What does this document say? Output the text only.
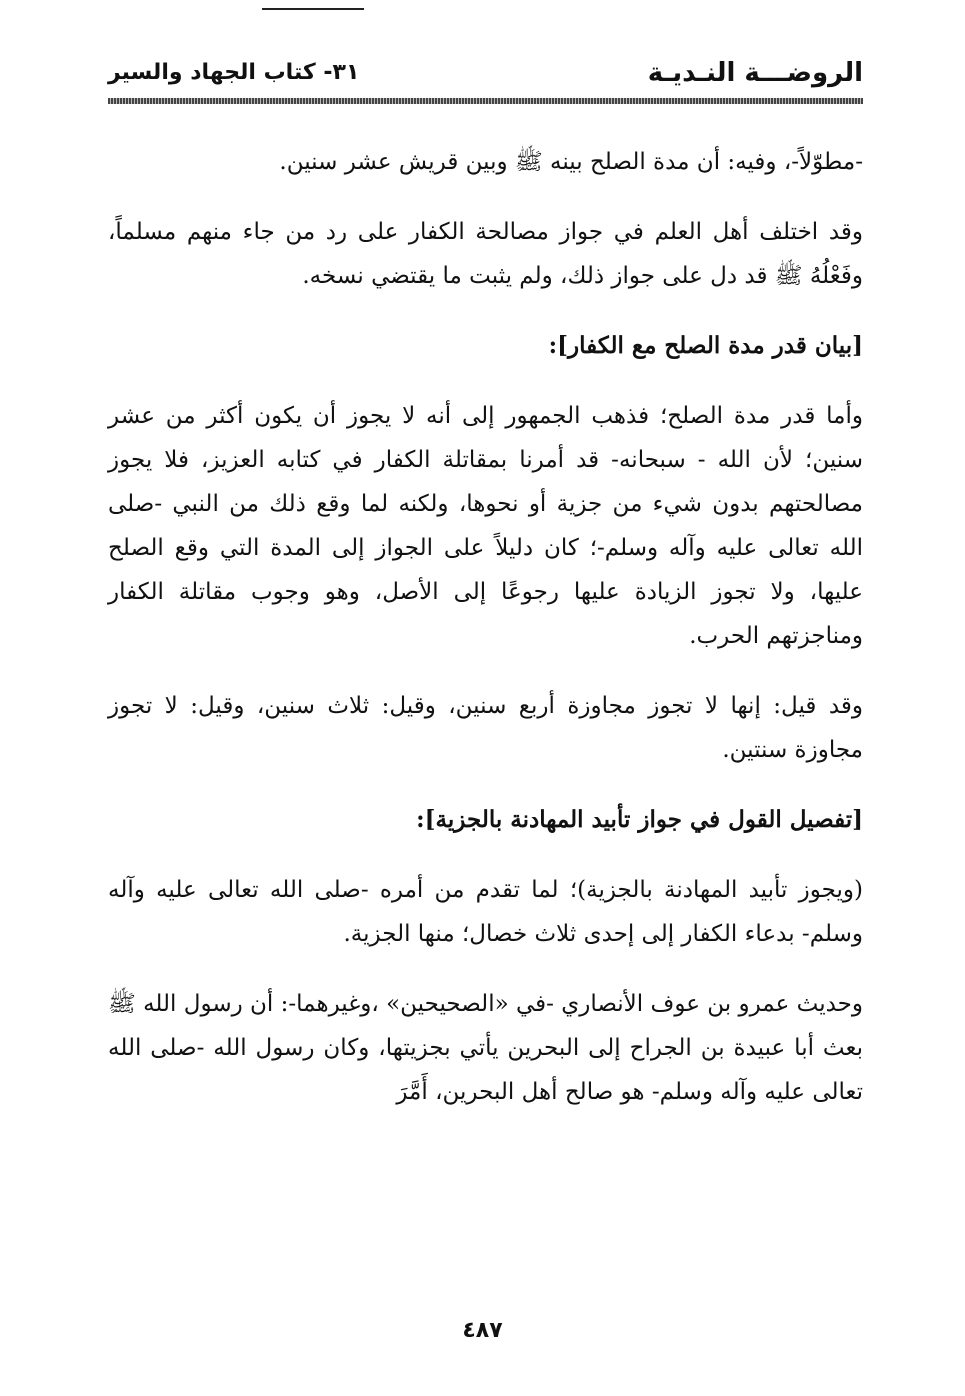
الروضـــة النـديـة
٣١- كتاب الجهاد والسير

-مطوّلاً-، وفيه: أن مدة الصلح بينه ﷺ وبين قريش عشر سنين.

وقد اختلف أهل العلم في جواز مصالحة الكفار على رد من جاء منهم مسلماً، وفَعْلُهُ ﷺ قد دل على جواز ذلك، ولم يثبت ما يقتضي نسخه.

[بيان قدر مدة الصلح مع الكفار]:

وأما قدر مدة الصلح؛ فذهب الجمهور إلى أنه لا يجوز أن يكون أكثر من عشر سنين؛ لأن الله - سبحانه- قد أمرنا بمقاتلة الكفار في كتابه العزيز، فلا يجوز مصالحتهم بدون شيء من جزية أو نحوها، ولكنه لما وقع ذلك من النبي -صلى الله تعالى عليه وآله وسلم-؛ كان دليلاً على الجواز إلى المدة التي وقع الصلح عليها، ولا تجوز الزيادة عليها رجوعًا إلى الأصل، وهو وجوب مقاتلة الكفار ومناجزتهم الحرب.

وقد قيل: إنها لا تجوز مجاوزة أربع سنين، وقيل: ثلاث سنين، وقيل: لا تجوز مجاوزة سنتين.

[تفصيل القول في جواز تأبيد المهادنة بالجزية]:

(ويجوز تأبيد المهادنة بالجزية)؛ لما تقدم من أمره -صلى الله تعالى عليه وآله وسلم- بدعاء الكفار إلى إحدى ثلاث خصال؛ منها الجزية.

وحديث عمرو بن عوف الأنصاري -في «الصحيحين» ،وغيرهما-: أن رسول الله ﷺ بعث أبا عبيدة بن الجراح إلى البحرين يأتي بجزيتها، وكان رسول الله -صلى الله تعالى عليه وآله وسلم- هو صالح أهل البحرين، أَمَّرَ

٤٨٧
